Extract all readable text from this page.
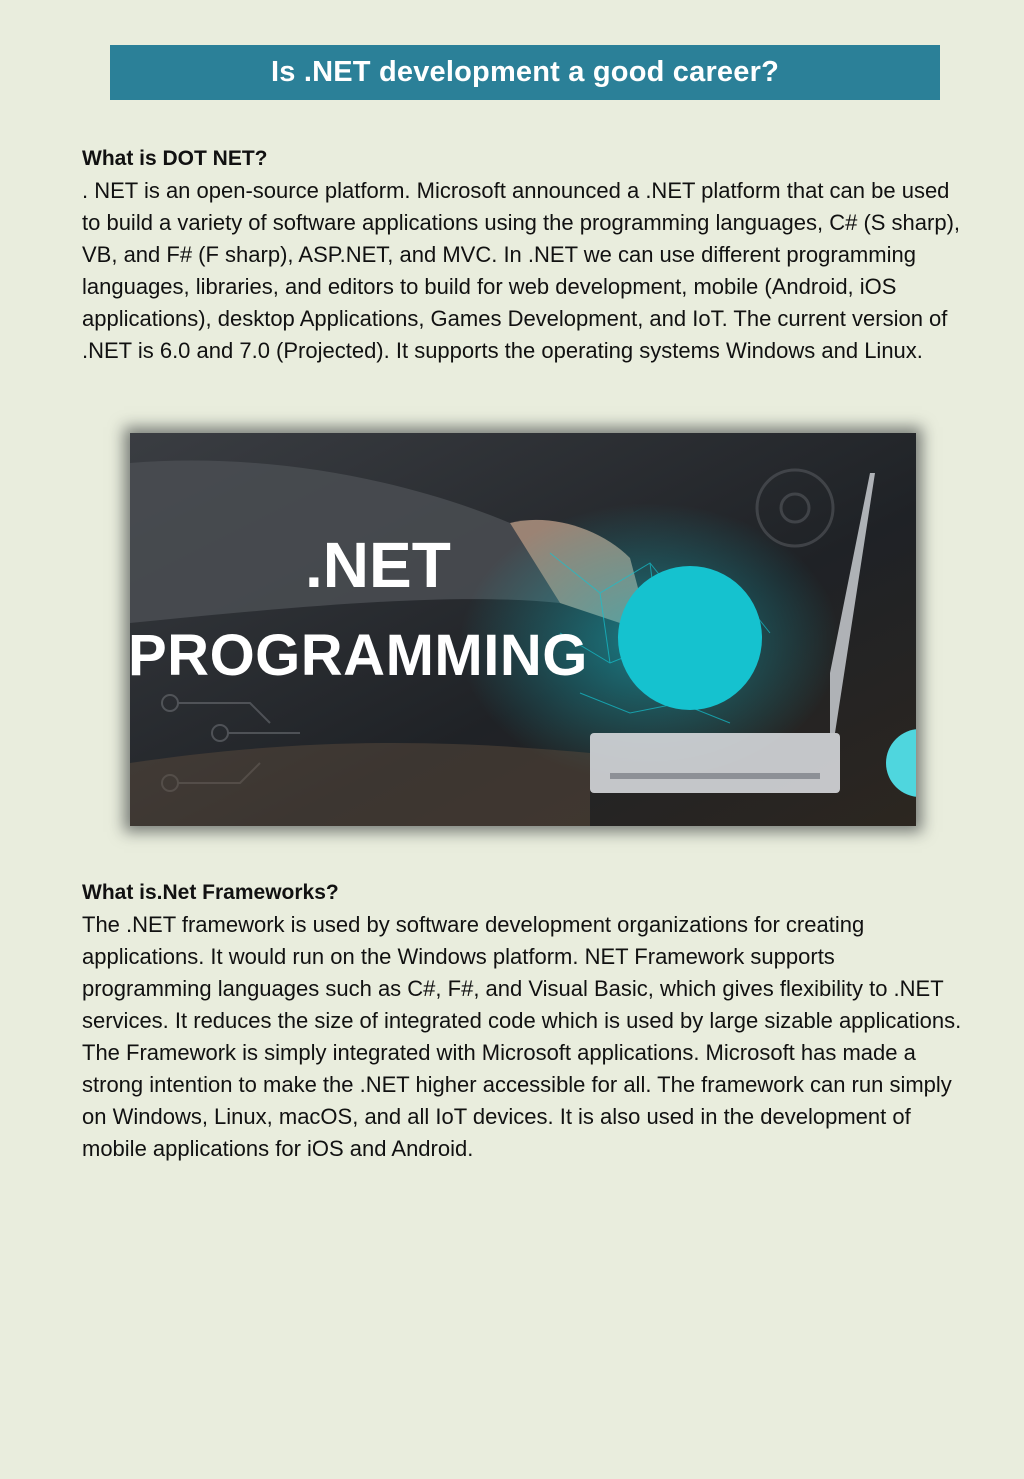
Is .NET development a good career?
What is DOT NET?

. NET is an open-source platform. Microsoft announced a .NET platform that can be used to build a variety of software applications using the programming languages, C# (S sharp), VB, and F# (F sharp), ASP.NET, and MVC. In .NET we can use different programming languages, libraries, and editors to build for web development, mobile (Android, iOS applications), desktop Applications, Games Development, and IoT. The current version of .NET is 6.0 and 7.0 (Projected). It supports the operating systems Windows and Linux.

.NET
PROGRAMMING
What is.Net Frameworks?

The .NET framework is used by software development organizations for creating applications. It would run on the Windows platform. NET Framework supports programming languages such as C#, F#, and Visual Basic, which gives flexibility to .NET services. It reduces the size of integrated code which is used by large sizable applications. The Framework is simply integrated with Microsoft applications. Microsoft has made a strong intention to make the .NET higher accessible for all. The framework can run simply on Windows, Linux, macOS, and all IoT devices. It is also used in the development of mobile applications for iOS and Android.
